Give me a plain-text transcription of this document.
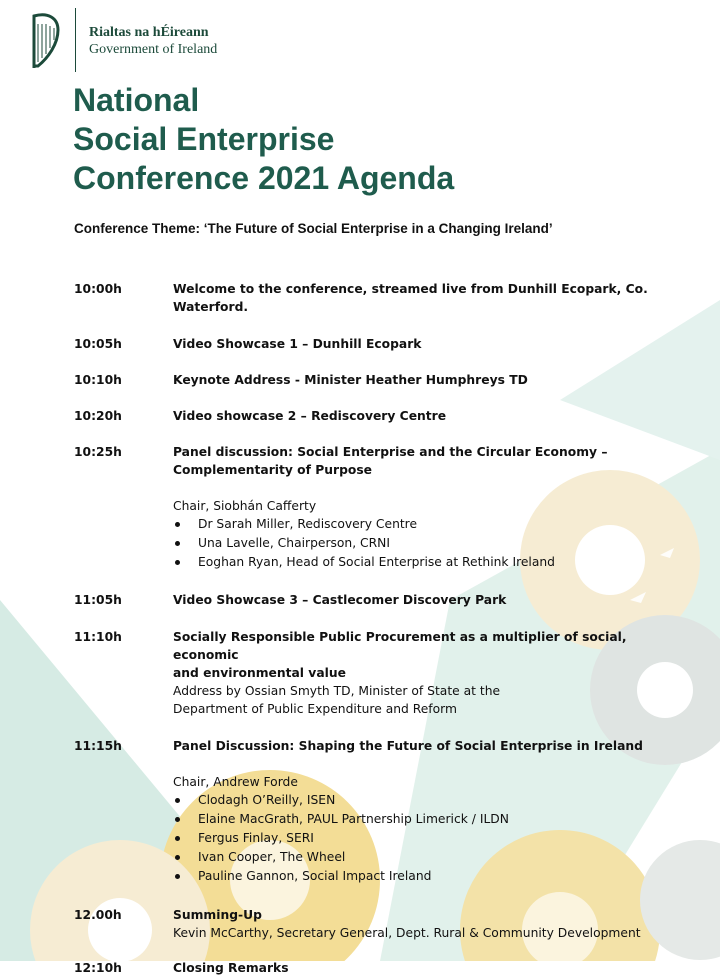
Rialtas na hÉireann
Government of Ireland
National
Social Enterprise
Conference 2021 Agenda
Conference Theme: ‘The Future of Social Enterprise in a Changing Ireland’
10:00h	Welcome to the conference, streamed live from Dunhill Ecopark, Co. Waterford.
10:05h	Video Showcase 1 – Dunhill Ecopark
10:10h	Keynote Address - Minister Heather Humphreys TD
10:20h	Video showcase 2 – Rediscovery Centre
10:25h	Panel discussion: Social Enterprise and the Circular Economy –
Complementarity of Purpose
Chair, Siobhán Cafferty
Dr Sarah Miller, Rediscovery Centre
Una Lavelle, Chairperson, CRNI
Eoghan Ryan, Head of Social Enterprise at Rethink Ireland
11:05h	Video Showcase 3 – Castlecomer Discovery Park
11:10h	Socially Responsible Public Procurement as a multiplier of social, economic
and environmental value
Address by Ossian Smyth TD, Minister of State at the
Department of Public Expenditure and Reform
11:15h	Panel Discussion: Shaping the Future of Social Enterprise in Ireland
Chair, Andrew Forde
Clodagh O’Reilly, ISEN
Elaine MacGrath, PAUL Partnership Limerick / ILDN
Fergus Finlay, SERI
Ivan Cooper, The Wheel
Pauline Gannon, Social Impact Ireland
12.00h	Summing-Up
Kevin McCarthy, Secretary General, Dept. Rural & Community Development
12:10h	Closing Remarks
